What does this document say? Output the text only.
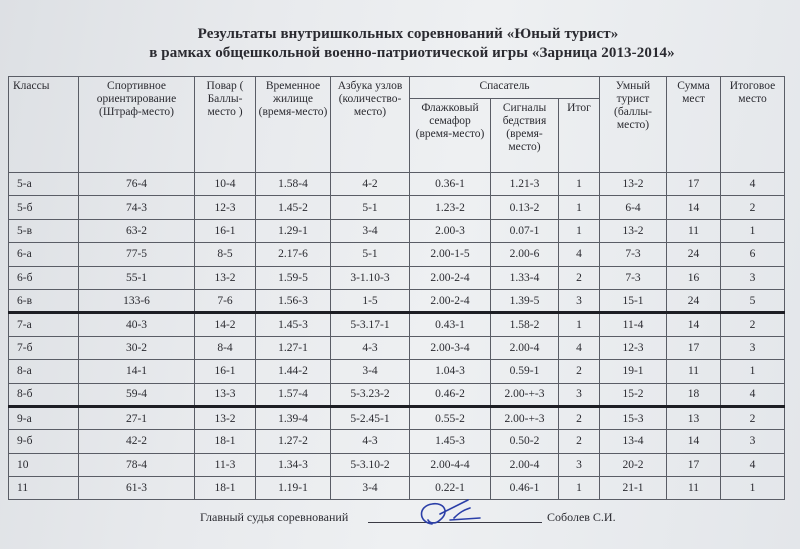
Результаты внутришкольных соревнований «Юный турист»
в рамках общешкольной военно-патриотической игры «Зарница 2013-2014»
Классы	Спортивное ориентирование (Штраф-место)	Повар ( Баллы-место )	Временное жилище (время-место)	Азбука узлов (количество-место)	Спасатель			Умный турист (баллы-место)	Сумма мест	Итоговое место
					Флажковый семафор (время-место)	Сигналы бедствия (время-место)	Итог			
5-а	76-4	10-4	1.58-4	4-2	0.36-1	1.21-3	1	13-2	17	4
5-б	74-3	12-3	1.45-2	5-1	1.23-2	0.13-2	1	6-4	14	2
5-в	63-2	16-1	1.29-1	3-4	2.00-3	0.07-1	1	13-2	11	1
6-а	77-5	8-5	2.17-6	5-1	2.00-1-5	2.00-6	4	7-3	24	6
6-б	55-1	13-2	1.59-5	3-1.10-3	2.00-2-4	1.33-4	2	7-3	16	3
6-в	133-6	7-6	1.56-3	1-5	2.00-2-4	1.39-5	3	15-1	24	5
7-а	40-3	14-2	1.45-3	5-3.17-1	0.43-1	1.58-2	1	11-4	14	2
7-б	30-2	8-4	1.27-1	4-3	2.00-3-4	2.00-4	4	12-3	17	3
8-а	14-1	16-1	1.44-2	3-4	1.04-3	0.59-1	2	19-1	11	1
8-б	59-4	13-3	1.57-4	5-3.23-2	0.46-2	2.00-+-3	3	15-2	18	4
9-а	27-1	13-2	1.39-4	5-2.45-1	0.55-2	2.00-+-3	2	15-3	13	2
9-б	42-2	18-1	1.27-2	4-3	1.45-3	0.50-2	2	13-4	14	3
10	78-4	11-3	1.34-3	5-3.10-2	2.00-4-4	2.00-4	3	20-2	17	4
11	61-3	18-1	1.19-1	3-4	0.22-1	0.46-1	1	21-1	11	1
Главный судья соревнований	Соболев С.И.
